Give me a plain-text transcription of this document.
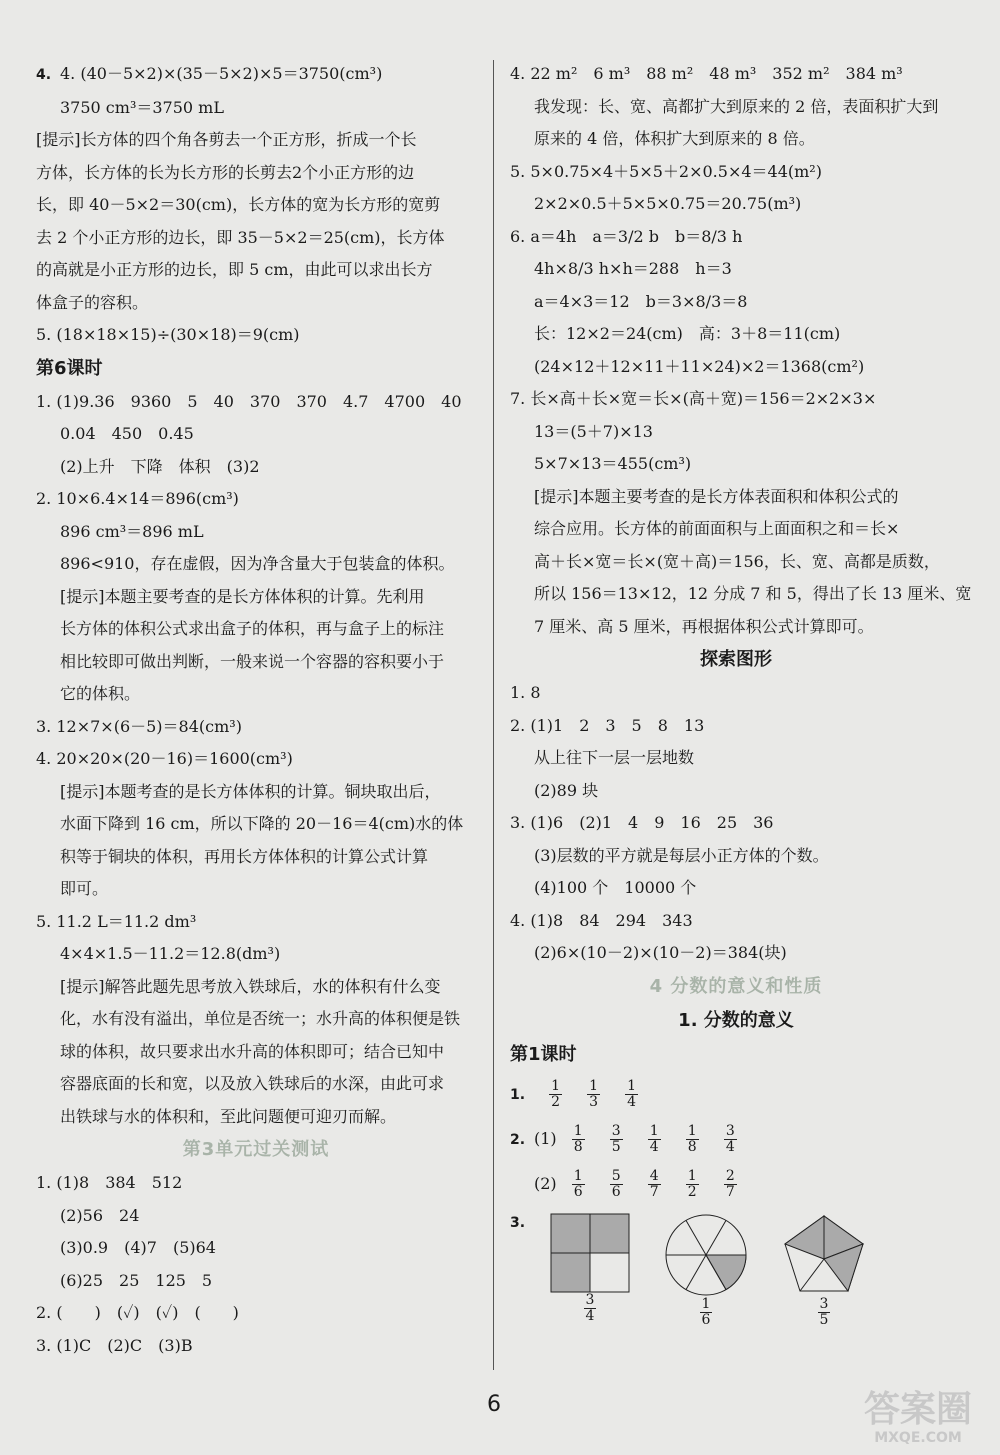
4. 4. (40－5×2)×(35－5×2)×5＝3750(cm³)
3750 cm³＝3750 mL
[提示]长方体的四个角各剪去一个正方形，折成一个长
方体，长方体的长为长方形的长剪去2个小正方形的边
长，即 40－5×2＝30(cm)，长方体的宽为长方形的宽剪
去 2 个小正方形的边长，即 35－5×2＝25(cm)，长方体
的高就是小正方形的边长，即 5 cm，由此可以求出长方
体盒子的容积。
5. (18×18×15)÷(30×18)＝9(cm)
第6课时
1. (1)9.36　9360　5　40　370　370　4.7　4700　40
0.04　450　0.45
(2)上升　下降　体积　(3)2
2. 10×6.4×14＝896(cm³)
896 cm³＝896 mL
896<910，存在虚假，因为净含量大于包装盒的体积。
[提示]本题主要考查的是长方体体积的计算。先利用
长方体的体积公式求出盒子的体积，再与盒子上的标注
相比较即可做出判断，一般来说一个容器的容积要小于
它的体积。
3. 12×7×(6－5)＝84(cm³)
4. 20×20×(20－16)＝1600(cm³)
[提示]本题考查的是长方体体积的计算。铜块取出后，
水面下降到 16 cm，所以下降的 20－16＝4(cm)水的体
积等于铜块的体积，再用长方体体积的计算公式计算
即可。
5. 11.2 L＝11.2 dm³
4×4×1.5－11.2＝12.8(dm³)
[提示]解答此题先思考放入铁球后，水的体积有什么变
化，水有没有溢出，单位是否统一；水升高的体积便是铁
球的体积，故只要求出水升高的体积即可；结合已知中
容器底面的长和宽，以及放入铁球后的水深，由此可求
出铁球与水的体积和，至此问题便可迎刃而解。
第3单元过关测试
1. (1)8　384　512
(2)56　24
(3)0.9　(4)7　(5)64
(6)25　25　125　5
2. (　　)　(✓)　(✓)　(　　)
3. (1)C　(2)C　(3)B
4. 22 m²　6 m³　88 m²　48 m³　352 m²　384 m³
我发现：长、宽、高都扩大到原来的 2 倍，表面积扩大到
原来的 4 倍，体积扩大到原来的 8 倍。
5. 5×0.75×4＋5×5＋2×0.5×4＝44(m²)
2×2×0.5＋5×5×0.75＝20.75(m³)
6. a＝4h　a＝3/2 b　b＝8/3 h
4h×8/3 h×h＝288　h＝3
a＝4×3＝12　b＝3×8/3＝8
长：12×2＝24(cm)　高：3＋8＝11(cm)
(24×12＋12×11＋11×24)×2＝1368(cm²)
7. 长×高＋长×宽＝长×(高＋宽)＝156＝2×2×3×
13＝(5＋7)×13
5×7×13＝455(cm³)
[提示]本题主要考查的是长方体表面积和体积公式的
综合应用。长方体的前面面积与上面面积之和＝长×
高＋长×宽＝长×(宽＋高)＝156，长、宽、高都是质数，
所以 156＝13×12，12 分成 7 和 5，得出了长 13 厘米、宽
7 厘米、高 5 厘米，再根据体积公式计算即可。
探索图形
1. 8
2. (1)1　2　3　5　8　13
从上往下一层一层地数
(2)89 块
3. (1)6　(2)1　4　9　16　25　36
(3)层数的平方就是每层小正方体的个数。
(4)100 个　10000 个
4. (1)8　84　294　343
(2)6×(10－2)×(10－2)＝384(块)
4 分数的意义和性质
1. 分数的意义
第1课时
1. $\frac{1}{2}$
$\frac{1}{3}$
$\frac{1}{4}$
2. $(1) \frac{1}{8}$
$\frac{3}{5}$
$\frac{1}{4}$
$\frac{1}{8}$
$\frac{3}{4}$
$(2) \frac{1}{6}$
$\frac{5}{6}$
$\frac{4}{7}$
$\frac{1}{2}$
$\frac{2}{7}$
3.
$\frac{3}{4}$	$\frac{1}{6}$	$\frac{3}{5}$
6	答案圈
MXQE.COM
